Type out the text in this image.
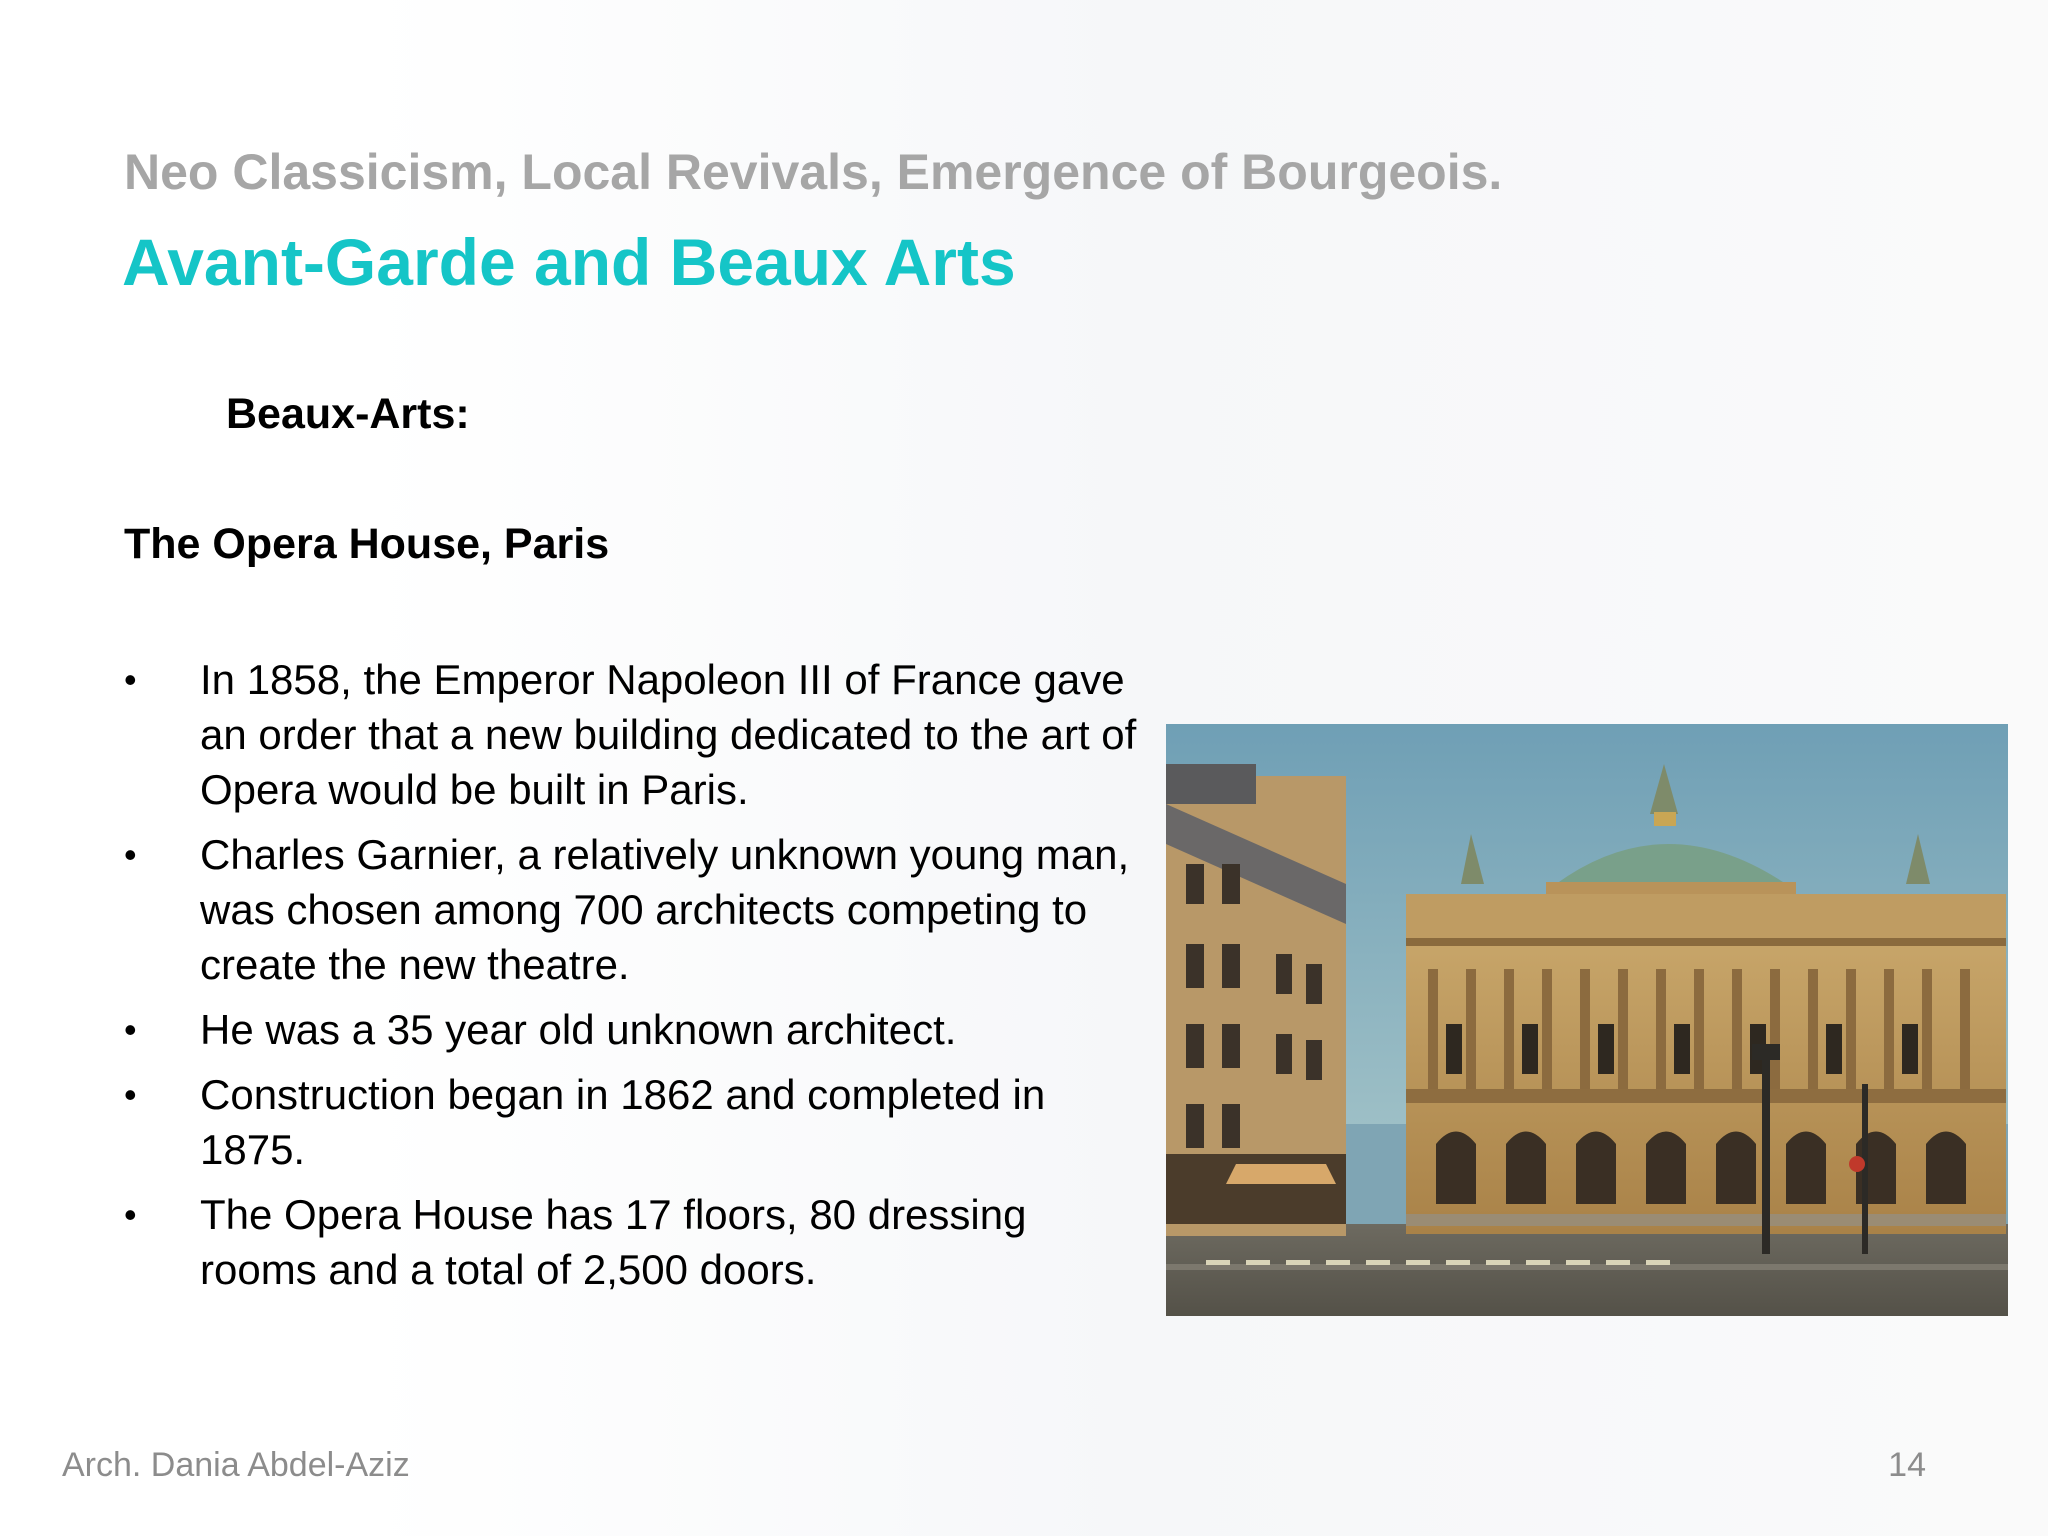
Neo Classicism, Local Revivals, Emergence of Bourgeois.
Avant-Garde and Beaux Arts
Beaux-Arts:
The Opera House, Paris
•	In 1858, the Emperor Napoleon III of France gave an order that a new building dedicated to the art of Opera would be built in Paris.
•	Charles Garnier, a relatively unknown young man, was chosen among 700 architects competing to create the new theatre.
•	He was a 35 year old unknown architect.
•	Construction began in 1862 and completed in 1875.
•	The Opera House has 17 floors, 80 dressing rooms and a total of 2,500 doors.
Arch. Dania Abdel-Aziz	14
